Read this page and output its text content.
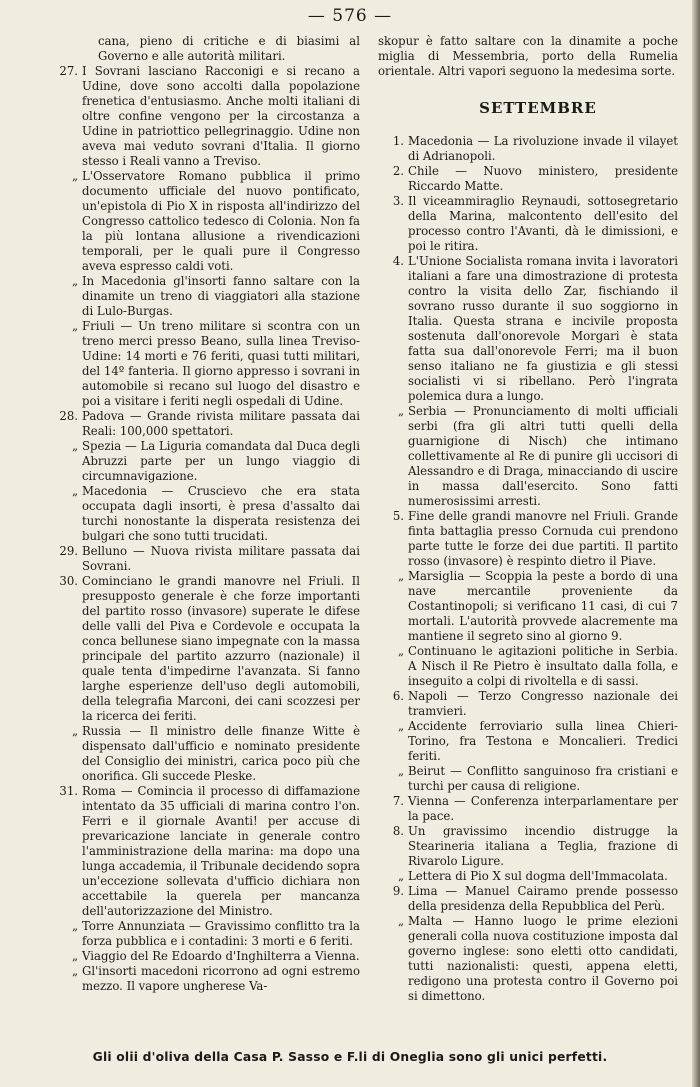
— 576 —

cana, pieno di critiche e di biasimi al Governo e alle autorità militari.

27. I Sovrani lasciano Racconigi e si recano a Udine, dove sono accolti dalla popolazione frenetica d'entusiasmo. Anche molti italiani di oltre confine vengono per la circostanza a Udine in patriottico pellegrinaggio. Udine non aveva mai veduto sovrani d'Italia. Il giorno stesso i Reali vanno a Treviso.

„ L'Osservatore Romano pubblica il primo documento ufficiale del nuovo pontificato, un'epistola di Pio X in risposta all'indirizzo del Congresso cattolico tedesco di Colonia. Non fa la più lontana allusione a rivendicazioni temporali, per le quali pure il Congresso aveva espresso caldi voti.

„ In Macedonia gl'insorti fanno saltare con la dinamite un treno di viaggiatori alla stazione di Lulo-Burgas.

„ Friuli — Un treno militare si scontra con un treno merci presso Beano, sulla linea Treviso-Udine: 14 morti e 76 feriti, quasi tutti militari, del 14º fanteria. Il giorno appresso i sovrani in automobile si recano sul luogo del disastro e poi a visitare i feriti negli ospedali di Udine.

28. Padova — Grande rivista militare passata dai Reali: 100,000 spettatori.

„ Spezia — La Liguria comandata dal Duca degli Abruzzi parte per un lungo viaggio di circumnavigazione.

„ Macedonia — Cruscievo che era stata occupata dagli insorti, è presa d'assalto dai turchi nonostante la disperata resistenza dei bulgari che sono tutti trucidati.

29. Belluno — Nuova rivista militare passata dai Sovrani.

30. Cominciano le grandi manovre nel Friuli. Il presupposto generale è che forze importanti del partito rosso (invasore) superate le difese delle valli del Piva e Cordevole e occupata la conca bellunese siano impegnate con la massa principale del partito azzurro (nazionale) il quale tenta d'impedirne l'avanzata. Si fanno larghe esperienze dell'uso degli automobili, della telegrafia Marconi, dei cani scozzesi per la ricerca dei feriti.

„ Russia — Il ministro delle finanze Witte è dispensato dall'ufficio e nominato presidente del Consiglio dei ministri, carica poco più che onorifica. Gli succede Pleske.

31. Roma — Comincia il processo di diffamazione intentato da 35 ufficiali di marina contro l'on. Ferri e il giornale Avanti! per accuse di prevaricazione lanciate in generale contro l'amministrazione della marina: ma dopo una lunga accademia, il Tribunale decidendo sopra un'eccezione sollevata d'ufficio dichiara non accettabile la querela per mancanza dell'autorizzazione del Ministro.

„ Torre Annunziata — Gravissimo conflitto tra la forza pubblica e i contadini: 3 morti e 6 feriti.

„ Viaggio del Re Edoardo d'Inghilterra a Vienna.

„ Gl'insorti macedoni ricorrono ad ogni estremo mezzo. Il vapore ungherese Va-

skopur è fatto saltare con la dinamite a poche miglia di Messembria, porto della Rumelia orientale. Altri vapori seguono la medesima sorte.

SETTEMBRE

1. Macedonia — La rivoluzione invade il vilayet di Adrianopoli.

2. Chile — Nuovo ministero, presidente Riccardo Matte.

3. Il viceammiraglio Reynaudi, sottosegretario della Marina, malcontento dell'esito del processo contro l'Avanti, dà le dimissioni, e poi le ritira.

4. L'Unione Socialista romana invita i lavoratori italiani a fare una dimostrazione di protesta contro la visita dello Zar, fischiando il sovrano russo durante il suo soggiorno in Italia. Questa strana e incivile proposta sostenuta dall'onorevole Morgari è stata fatta sua dall'onorevole Ferri; ma il buon senso italiano ne fa giustizia e gli stessi socialisti vi si ribellano. Però l'ingrata polemica dura a lungo.

„ Serbia — Pronunciamento di molti ufficiali serbi (fra gli altri tutti quelli della guarnigione di Nisch) che intimano collettivamente al Re di punire gli uccisori di Alessandro e di Draga, minacciando di uscire in massa dall'esercito. Sono fatti numerosissimi arresti.

5. Fine delle grandi manovre nel Friuli. Grande finta battaglia presso Cornuda cui prendono parte tutte le forze dei due partiti. Il partito rosso (invasore) è respinto dietro il Piave.

„ Marsiglia — Scoppia la peste a bordo di una nave mercantile proveniente da Costantinopoli; si verificano 11 casi, di cui 7 mortali. L'autorità provvede alacremente ma mantiene il segreto sino al giorno 9.

„ Continuano le agitazioni politiche in Serbia. A Nisch il Re Pietro è insultato dalla folla, e inseguito a colpi di rivoltella e di sassi.

6. Napoli — Terzo Congresso nazionale dei tramvieri.

„ Accidente ferroviario sulla linea Chieri-Torino, fra Testona e Moncalieri. Tredici feriti.

„ Beirut — Conflitto sanguinoso fra cristiani e turchi per causa di religione.

7. Vienna — Conferenza interparlamentare per la pace.

8. Un gravissimo incendio distrugge la Stearineria italiana a Teglia, frazione di Rivarolo Ligure.

„ Lettera di Pio X sul dogma dell'Immacolata.

9. Lima — Manuel Cairamo prende possesso della presidenza della Repubblica del Perù.

„ Malta — Hanno luogo le prime elezioni generali colla nuova costituzione imposta dal governo inglese: sono eletti otto candidati, tutti nazionalisti: questi, appena eletti, redigono una protesta contro il Governo poi si dimettono.

Gli olii d'oliva della Casa P. Sasso e F.li di Oneglia sono gli unici perfetti.
